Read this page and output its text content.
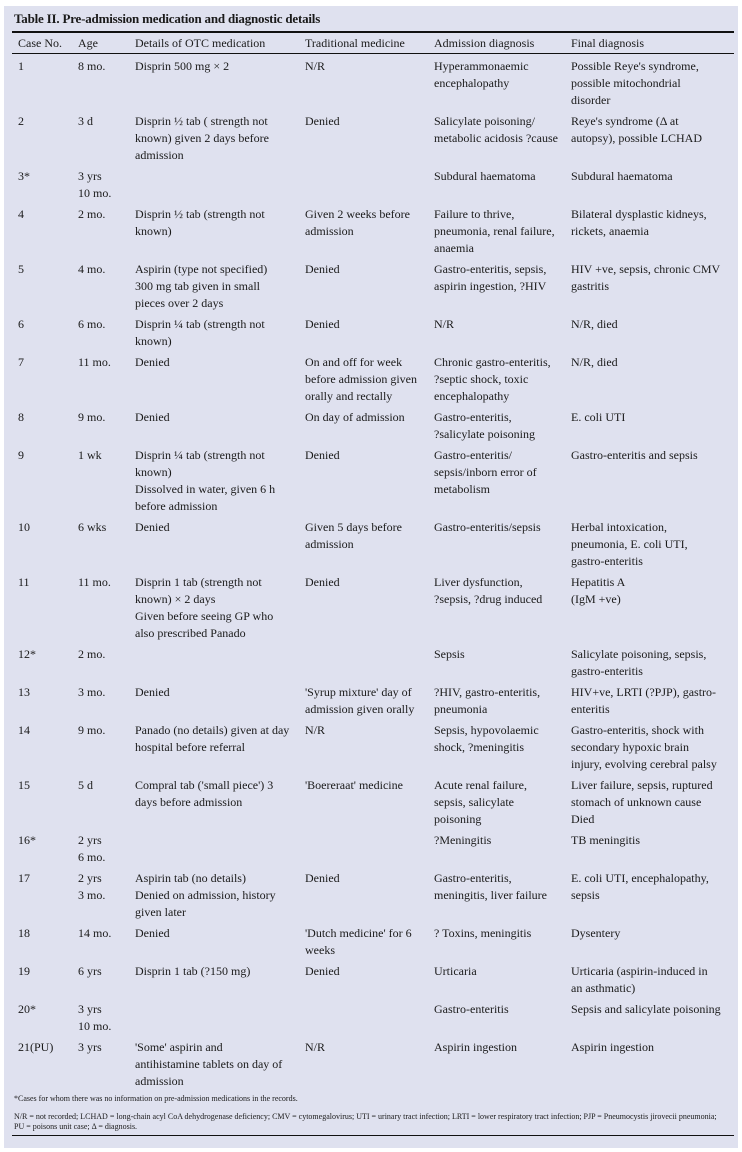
Table II. Pre-admission medication and diagnostic details
Case No.	Age	Details of OTC medication	Traditional medicine	Admission diagnosis	Final diagnosis
1	8 mo.	Disprin 500 mg × 2	N/R	Hyperammonaemic
encephalopathy	Possible Reye's syndrome,
possible mitochondrial
disorder
2	3 d	Disprin ½ tab ( strength not
known) given 2 days before
admission	Denied	Salicylate poisoning/
metabolic acidosis ?cause	Reye's syndrome (Δ at
autopsy), possible LCHAD
3*	3 yrs
10 mo.			Subdural haematoma	Subdural haematoma
4	2 mo.	Disprin ½ tab (strength not
known)	Given 2 weeks before
admission	Failure to thrive,
pneumonia, renal failure,
anaemia	Bilateral dysplastic kidneys,
rickets, anaemia
5	4 mo.	Aspirin (type not specified)
300 mg tab given in small
pieces over 2 days	Denied	Gastro-enteritis, sepsis,
aspirin ingestion, ?HIV	HIV +ve, sepsis, chronic CMV
gastritis
6	6 mo.	Disprin ¼ tab (strength not
known)	Denied	N/R	N/R, died
7	11 mo.	Denied	On and off for week
before admission given
orally and rectally	Chronic gastro-enteritis,
?septic shock, toxic
encephalopathy	N/R, died
8	9 mo.	Denied	On day of admission	Gastro-enteritis,
?salicylate poisoning	E. coli UTI
9	1 wk	Disprin ¼ tab (strength not
known)
Dissolved in water, given 6 h
before admission	Denied	Gastro-enteritis/
sepsis/inborn error of
metabolism	Gastro-enteritis and sepsis
10	6 wks	Denied	Given 5 days before
admission	Gastro-enteritis/sepsis	Herbal intoxication,
pneumonia, E. coli UTI,
gastro-enteritis
11	11 mo.	Disprin 1 tab (strength not
known) × 2 days
Given before seeing GP who
also prescribed Panado	Denied	Liver dysfunction,
?sepsis, ?drug induced	Hepatitis A
(IgM +ve)
12*	2 mo.			Sepsis	Salicylate poisoning, sepsis,
gastro-enteritis
13	3 mo.	Denied	'Syrup mixture' day of
admission given orally	?HIV, gastro-enteritis,
pneumonia	HIV+ve, LRTI (?PJP), gastro-
enteritis
14	9 mo.	Panado (no details) given at day
hospital before referral	N/R	Sepsis, hypovolaemic
shock, ?meningitis	Gastro-enteritis, shock with
secondary hypoxic brain
injury, evolving cerebral palsy
15	5 d	Compral tab ('small piece') 3
days before admission	'Boereraat' medicine	Acute renal failure,
sepsis, salicylate
poisoning	Liver failure, sepsis, ruptured
stomach of unknown cause
Died
16*	2 yrs
6 mo.			?Meningitis	TB meningitis
17	2 yrs
3 mo.	Aspirin tab (no details)
Denied on admission, history
given later	Denied	Gastro-enteritis,
meningitis, liver failure	E. coli UTI, encephalopathy,
sepsis
18	14 mo.	Denied	'Dutch medicine' for 6
weeks	? Toxins, meningitis	Dysentery
19	6 yrs	Disprin 1 tab (?150 mg)	Denied	Urticaria	Urticaria (aspirin-induced in
an asthmatic)
20*	3 yrs
10 mo.			Gastro-enteritis	Sepsis and salicylate poisoning
21(PU)	3 yrs	'Some' aspirin and
antihistamine tablets on day of
admission	N/R	Aspirin ingestion	Aspirin ingestion
*Cases for whom there was no information on pre-admission medications in the records.
N/R = not recorded; LCHAD = long-chain acyl CoA dehydrogenase deficiency; CMV = cytomegalovirus; UTI = urinary tract infection; LRTI = lower respiratory tract infection; PJP = Pneumocystis jirovecii pneumonia; PU = poisons unit case; Δ = diagnosis.
